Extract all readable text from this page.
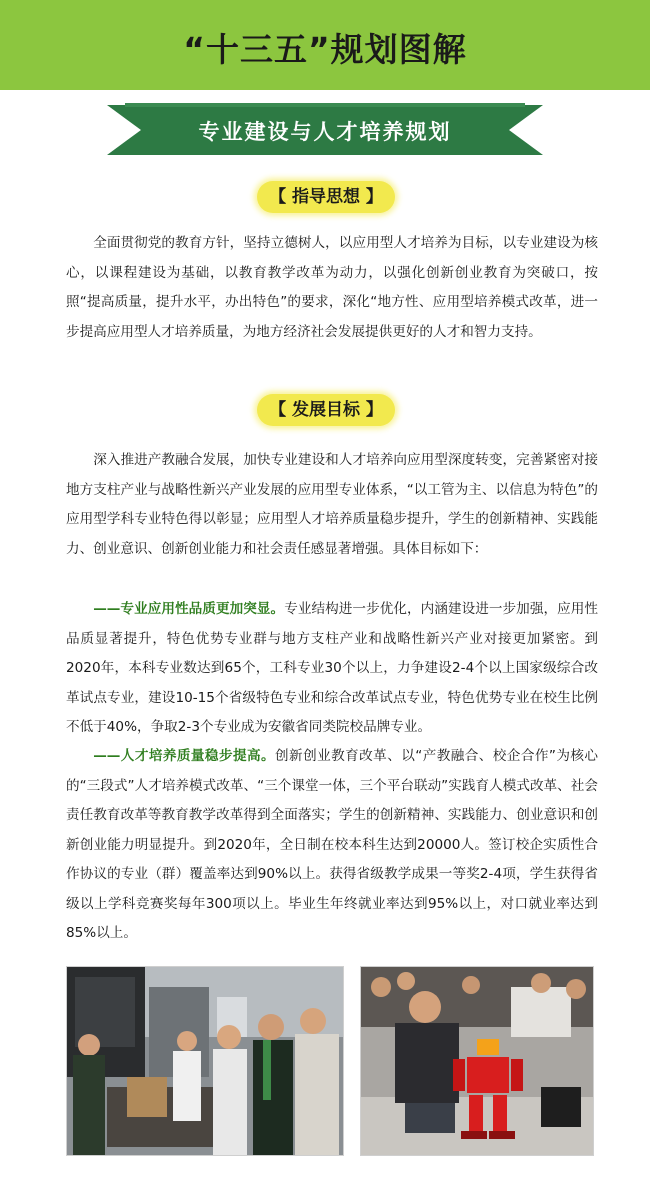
“十三五”规划图解
专业建设与人才培养规划
【 指导思想 】

全面贯彻党的教育方针，坚持立德树人，以应用型人才培养为目标，以专业建设为核心，以课程建设为基础，以教育教学改革为动力，以强化创新创业教育为突破口，按照“提高质量，提升水平，办出特色”的要求，深化“地方性、应用型培养模式改革，进一步提高应用型人才培养质量，为地方经济社会发展提供更好的人才和智力支持。

【 发展目标 】

深入推进产教融合发展，加快专业建设和人才培养向应用型深度转变，完善紧密对接地方支柱产业与战略性新兴产业发展的应用型专业体系，“以工管为主、以信息为特色”的应用型学科专业特色得以彰显；应用型人才培养质量稳步提升，学生的创新精神、实践能力、创业意识、创新创业能力和社会责任感显著增强。具体目标如下：

——专业应用性品质更加突显。专业结构进一步优化，内涵建设进一步加强，应用性品质显著提升，特色优势专业群与地方支柱产业和战略性新兴产业对接更加紧密。到2020年，本科专业数达到65个，工科专业30个以上，力争建设2-4个以上国家级综合改革试点专业，建设10-15个省级特色专业和综合改革试点专业，特色优势专业在校生比例不低于40%，争取2-3个专业成为安徽省同类院校品牌专业。

——人才培养质量稳步提高。创新创业教育改革、以“产教融合、校企合作”为核心的“三段式”人才培养模式改革、“三个课堂一体，三个平台联动”实践育人模式改革、社会责任教育改革等教育教学改革得到全面落实；学生的创新精神、实践能力、创业意识和创新创业能力明显提升。到2020年，全日制在校本科生达到20000人。签订校企实质性合作协议的专业（群）覆盖率达到90%以上。获得省级教学成果一等奖2-4项，学生获得省级以上学科竞赛奖每年300项以上。毕业生年终就业率达到95%以上，对口就业率达到85%以上。
